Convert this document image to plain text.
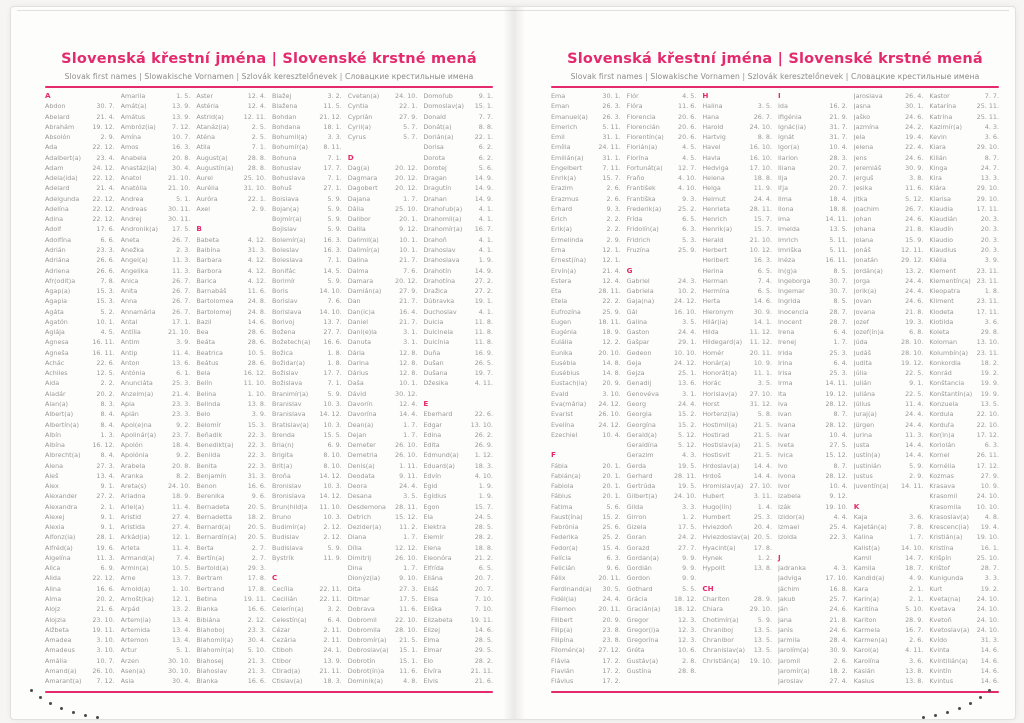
Slovenská křestní jména | Slovenské krstné mená
Slovak first names | Slowakische Vornamen | Szlovák keresztelőnevek | Словацкие крестильные имена
A
Abdon	30. 7.
Abelard	21. 4.
Abrahám	19. 12.
Absolón	2. 9.
Ada	22. 12.
Adalbert(a) 23. 4.
Adam	24. 12.
Adela(ida) 22. 12.
Adelard	21. 4.
Adelgunda 22. 12.
Adelína	22. 12.
Adina	22. 12.
Adolf	17. 6.
Adolfína	6. 6.
Adrián	23. 3.
Adriána	26. 6.
Adriena	26. 6.
Afr(odit)a	7. 8.
Agap(a)	15. 3.
Agapia	15. 3.
Agáta	5. 2.
Agatón	10. 1.
Aglája	4. 5.
Agnesa	16. 11.
Agneša	16. 11.
Achác	22. 6.
Achiles	12. 5.
Aida	2. 2.
Aladár	20. 2.
Alan(a)	8. 3.
Albert(a)	8. 4.
Albertín(a)	8. 4.
Albín	1. 3.
Albína	16. 12.
Albrecht(a)	8. 4.
Alena	27. 3.
Aleš	13. 4.
Alex	9. 1.
Alexander	27. 2.
Alexandra	2. 1.
Alexej	9. 1.
Alexia	9. 1.
Alfonz(ia)	28. 1.
Alfréd(a)	19. 6.
Algelína	11. 3.
Alica	6. 9.
Alida	22. 12.
Alina	16. 6.
Alma	20. 2.
Alojz	21. 6.
Alojzia	23. 10.
Alžbeta	19. 11.
Amadea	3. 10.
Amadeus	3. 10.
Amália	10. 7.
Amand(a) 26. 10.
Amarant(a) 7. 12.
Amarila	1. 5.
Amát(a)	13. 9.
Amátus	13. 9.
Ambróz(ia)	7. 12.
Amína	10. 7.
Amos	16. 3.
Anabela	20. 8.
Anastáz(ia) 30. 4.
Anatol	21. 10.
Anatólia	21. 10.
Andrea	5. 1.
Andreas	30. 11.
Andrej	30. 11.
Andronik(a) 17. 5.
Aneta	26. 7.
Anežka	2. 3.
Angel(a)	11. 3.
Angelika	11. 3.
Anica	26. 7.
Anita	26. 7.
Anna	26. 7.
Annamária	26. 7.
Antal	17. 1.
Antília	21. 10.
Antim	3. 9.
Antip	11. 4.
Anton	13. 6.
Antónia	6. 1.
Anunciáta	25. 3.
Anzelm(a)	21. 4.
Apia	23. 3.
Apián	23. 3.
Apol(e)na	9. 2.
Apolinár(a) 23. 7.
Apolón	18. 4.
Apolónia	9. 2.
Arabela	20. 8.
Aranka	8. 2.
Areta(s)	24. 10.
Ariadna	18. 9.
Ariel(a)	11. 4.
Aristid	27. 4.
Aristida	27. 4.
Arkád(ia)	12. 1.
Arleta	11. 4.
Armand(a)	7. 4.
Armin(a)	10. 5.
Arne	13. 7.
Arnold(a)	1. 10.
Arnošt(ka)	12. 1.
Arpád	13. 2.
Artem(ia)	13. 4.
Artemida	13. 4.
Artemon	13. 4.
Artur	5. 1.
Arzen	30. 10.
Asen(a)	30. 10.
Asia	30. 4.
Aster	12. 4.
Astéria	12. 4.
Astrid(a)	12. 11.
Atanáz(ia)	2. 5.
Aténa	2. 5.
Atila	7. 1.
August(a)	28. 8.
Augustín(a) 28. 8.
Aurel	25. 10.
Aurélia	31. 10.
Auróra	22. 1.
Axel	2. 9.
B
Babeta	4. 12.
Balbína	31. 3.
Barbara	4. 12.
Barbora	4. 12.
Barica	4. 12.
Barnabáš	11. 6.
Bartolomea 24. 8.
Bartolomej	24. 8.
Bazil	14. 6.
Bea	28. 6.
Beáta	28. 6.
Beatrica	10. 5.
Beátus	28. 6.
Bela	16. 12.
Belín	11. 10.
Belina	1. 10.
Belinda	13. 8.
Belo	3. 9.
Belomír	15. 3.
Beňadik	22. 3.
Benedikt(a) 22. 3.
Benilda	22. 3.
Benita	22. 3.
Benjamín	31. 3.
Benon	16. 6.
Berenika	9. 6.
Bernadeta	20. 5.
Bernadetta 18. 2.
Bernard(a)	20. 5.
Bernardín(a) 20. 5.
Berta	2. 7.
Bertín(a)	2. 7.
Bertold(a)	29. 3.
Bertram	17. 8.
Bertrand	17. 8.
Betina	19. 11.
Bianka	16. 6.
Bibiána	2. 12.
Blahoboj	23. 3.
Blahomil(a) 30. 4.
Blahomír(a) 5. 10.
Blahosej	21. 3.
Blahoslav	21. 3.
Blanka	16. 6.
Blažej	3. 2.
Blažena	11. 5.
Bohdan	21. 12.
Bohdana	18. 1.
Bohumil(a)	3. 3.
Bohumír(a) 8. 11.
Bohuna	7. 1.
Bohuslav	17. 7.
Bohuslava	7. 1.
Bohuš	27. 1.
Boislava	5. 9.
Bojan(a)	5. 9.
Bojmír(a)	5. 9.
Bojislav	5. 9.
Bolemír(a)	16. 3.
Boleslav	16. 3.
Boleslava	7. 1.
Bonifác	14. 5.
Borimír	5. 9.
Boris	14. 10.
Borislav	7. 6.
Borislava	14. 10.
Borivoj	13. 7.
Božena	27. 7.
Božetech(a) 16. 6.
Božica	1. 8.
Božidar(a)	1. 8.
Božislav	17. 7.
Božislava	7. 1.
Branimír(a)	5. 9.
Branislav	10. 3.
Branislava 14. 12.
Bratislav(a) 10. 3.
Brenda	15. 5.
Bria(n)	6. 9.
Brigita	8. 10.
Brit(a)	8. 10.
Broňa	14. 12.
Bronislav	10. 3.
Bronislava 14. 12.
Brun(hild)a 11. 10.
Bruno	10. 3.
Budimír(a)	2. 12.
Budislav	2. 12.
Budislava	5. 9.
Bystrík	11. 9.
C
Cecília	22. 11.
Cecilián	22. 11.
Celerín(a)	3. 2.
Celestín(a)	6. 4.
Cézar	2. 11.
Cezária	2. 11.
Ctiboh	24. 1.
Ctibor	13. 9.
Ctirad(a)	21. 11.
Ctislav(a)	18. 3.
Cvetan(a) 24. 10.
Cyntia	22. 1.
Cyprián	27. 9.
Cyril(a)	5. 7.
Cyrus	5. 7.
D
Dag(a)	20. 12.
Dagmara	20. 12.
Dagobert	20. 12.
Dajana	1. 7.
Dália	25. 10.
Dalibor	20. 1.
Dalila	9. 12.
Dalimil(a)	10. 1.
Dalimír(a)	10. 1.
Dalina	21. 7.
Dalma	7. 6.
Damara	20. 12.
Damián(a)	27. 9.
Dan	21. 7.
Dan(ic)a	16. 4.
Daniel	21. 7.
Dani(e)la	3. 1.
Danuta	3. 1.
Dária	12. 8.
Darina	12. 8.
Dárius	12. 8.
Daša	10. 1.
Dávid	30. 12.
Davorín	12. 4.
Davorína	14. 4.
Dean(a)	1. 7.
Dejan	1. 7.
Demeter	26. 10.
Demetria	26. 10.
Denis(a)	1. 11.
Deodata	9. 11.
Deora	24. 4.
Desana	3. 5.
Desdemona 28. 11.
Detrich	15. 12.
Dezider(a)	11. 2.
Diana	1. 7.
Dília	12. 12.
Dimitrij	26. 10.
Dina	1. 7.
Dionýz(ia)	9. 10.
Dita	27. 3.
Ditmar	17. 5.
Dobrava	11. 6.
Dobromil	22. 10.
Dobromila 28. 10.
Dobromír(a) 21. 5.
Dobroslav(a) 15. 1.
Dobrotín	15. 1.
Dobrot(ín)a 11. 6.
Dominik(a)	4. 8.
Domoľub	9. 1.
Domoslav(a) 15. 1.
Donald	7. 7.
Donát(a)	8. 8.
Dorián(a)	22. 1.
Dorisa	6. 2.
Dorota	6. 2.
Dorotej	5. 6.
Dragan	14. 9.
Dragutín	14. 9.
Drahan	14. 9.
Drahoľub(a)	4. 1.
Drahomil(a)	4. 1.
Drahomír(a) 16. 7.
Drahoň	4. 1.
Drahoslav	4. 1.
Drahoslava	1. 9.
Drahotín	14. 9.
Drahotína	27. 2.
Dražica	27. 2.
Dúbravka	19. 1.
Duchoslav	4. 1.
Dulcia	11. 8.
Dulcinela	11. 8.
Dulcínia	11. 8.
Duňa	16. 9.
Dušan	26. 5.
Dušana	19. 7.
Džesika	4. 11.
E
Eberhard	22. 6.
Edgar	13. 10.
Edina	26. 2.
Edita	26. 9.
Edmund(a) 1. 12.
Eduard(a)	18. 3.
Edvín	4. 10.
Egid	1. 9.
Egídius	1. 9.
Egon	15. 7.
Ela	24. 5.
Elektra	28. 5.
Elemír	28. 2.
Elena	18. 8.
Eleonóra	21. 2.
Elfrída	6. 5.
Eliána	20. 7.
Eliáš	20. 7.
Elisa	7. 10.
Eliška	7. 10.
Elizabeta	19. 11.
Elizej	14. 6.
Elma	28. 5.
Elmar	29. 5.
Elo	28. 2.
Elvíra	21. 11.
Elvis	21. 6.
Slovenská křestní jména | Slovenské krstné mená
Slovak first names | Slowakische Vornamen | Szlovák keresztelőnevek | Словацкие крестильные имена
Ema	30. 1.
Eman	26. 3.
Emanuel(a) 26. 3.
Emerich	5. 11.
Emil	31. 1.
Emília	24. 11.
Emilián(a)	31. 1.
Engelbert	7. 11.
Enrik(a)	15. 7.
Erazim	2. 6.
Erazmus	2. 6.
Erhard	9. 3.
Erich	2. 2.
Erik(a)	2. 2.
Ermelinda	2. 9.
Erna	12. 1.
Ernest(ína)	12. 1.
Ervín(a)	21. 4.
Estera	12. 4.
Eta	28. 11.
Etela	22. 2.
Eufrozína	25. 9.
Eugen	18. 11.
Eugénia	18. 9.
Eulália	12. 2.
Eunika	20. 10.
Eusébia	14. 8.
Eusébius	14. 8.
Eustach(ia) 20. 9.
Evald	3. 10.
Eva(mária) 24. 12.
Evarist	26. 10.
Evelína	24. 12.
Ezechiel	10. 4.
F
Fábia	20. 1.
Fabián(a)	20. 1.
Fabiola	20. 1.
Fábius	20. 1.
Fatima	5. 6.
Faust(ína)	15. 2.
Febrónia	25. 6.
Federika	25. 2.
Fedor(a)	15. 4.
Felícia	6. 3.
Felicián	9. 6.
Félix	20. 11.
Ferdinand(a) 30. 5.
Fidél(ia)	24. 4.
Filemon	20. 11.
Filibert	20. 9.
Filip(a)	23. 8.
Filipína	23. 8.
Filomén(a) 27. 12.
Flávia	17. 2.
Flavián	17. 2.
Flávius	17. 2.
Flór	4. 5.
Flóra	11. 6.
Florencia	20. 6.
Florencián	20. 6.
Florentín(a) 20. 6.
Florián(a)	4. 5.
Florína	4. 5.
Fortunát(a) 12. 7.
Fraňo	4. 10.
František	4. 10.
Františka	9. 3.
Frederik(a)	25. 2.
Frída	6. 5.
Fridolín(a)	6. 3.
Fridrich	5. 3.
Fruzína	25. 9.
G
Gabriel	24. 3.
Gabriela	10. 2.
Gaja(na)	24. 12.
Gál	16. 10.
Galina	3. 5.
Gaston	24. 4.
Gašpar	29. 1.
Gedeon	10. 10.
Geja	24. 12.
Gejza	25. 1.
Genadij	13. 6.
Genovéva	3. 1.
Georg	24. 4.
Georgia	15. 2.
Georgína	15. 2.
Gerald(a)	5. 12.
Geraldína	5. 12.
Gerazim	4. 3.
Gerda	19. 5.
Gerhard	28. 11.
Gertrúda	19. 5.
Gilbert(a)	24. 10.
Gilda	3. 3.
Girron	1. 2.
Gizela	17. 5.
Goran	24. 2.
Gorazd	27. 7.
Gordan(a)	9. 9.
Gordián	9. 9.
Gordon	9. 9.
Gothard	5. 5.
Grácia	18. 12.
Gracián(a) 18. 12.
Gregor	12. 3.
Gregor(i)a	12. 3.
Gregorína	12. 3.
Gréta	10. 6.
Gustáv(a)	2. 8.
Gustína	28. 8.
H
Halina	3. 5.
Hana	26. 7.
Harold	24. 10.
Hartvig	8. 8.
Havel	16. 10.
Havla	16. 10.
Hedviga	17. 10.
Helena	18. 8.
Helga	11. 9.
Helmut	24. 4.
Henrieta	28. 11.
Henrich	15. 7.
Henrik(a)	15. 7.
Herald	21. 10.
Herbert	10. 12.
Heribert	16. 3.
Herina	6. 5.
Herman	7. 4.
Hermína	6. 5.
Herta	14. 6.
Hieronym	30. 9.
Hilár(ia)	14. 1.
Hilda	11. 12.
Hildegard(a) 11. 12.
Homér	20. 11.
Honár(a)	10. 9.
Honorát(a)	11. 1.
Horác	3. 5.
Horislav(a) 27. 10.
Horst	31. 12.
Hortenz(ia)	5. 8.
Hostimil(a)	21. 5.
Hostirad	21. 5.
Hostislav(a) 21. 5.
Hostisvit	21. 5.
Hrdoslav(a) 14. 4.
Hrdoš	14. 4.
Hromislav(a) 27. 10.
Hubert	3. 11.
Hugo(lín)	1. 4.
Humbert	25. 3.
Hviezdoň	20. 4.
Hviezdoslav(a) 20. 5.
Hyacint(a)	17. 8.
Hynek	1. 2.
Hypolit	13. 8.
CH
Chariton	28. 9.
Chiara	29. 10.
Chotimír(a)	5. 9.
Chraniboj	13. 5.
Chranibor	13. 5.
Chranislav(a) 13. 5.
Christián(a) 19. 10.
I
Ida	16. 2.
Ifigénia	21. 9.
Ignác(ia)	31. 7.
Ignát	31. 7.
Igor(a)	10. 4.
Ilarion	28. 3.
Iliana	20. 7.
Ilja	20. 7.
Iľja	20. 7.
Ilma	18. 4.
Ilona	18. 8.
Ima	14. 11.
Imelda	13. 5.
Imrich	5. 11.
Imriška	5. 11.
Inéza	16. 11.
In(g)a	8. 5.
Ingeborga	30. 7.
Ingemar	30. 7.
Ingrida	8. 5.
Inocencia	28. 7.
Inocent	28. 7.
Irena	6. 4.
Irenej	1. 7.
Irida	25. 3.
Irina	6. 4.
Irisa	25. 3.
Irma	14. 11.
Ita	19. 12.
Iva	28. 12.
Ivan	8. 7.
Ivana	28. 12.
Ivar	10. 4.
Iveta	27. 5.
Ivica	15. 12.
Ivo	8. 7.
Ivona	28. 12.
Ivor	10. 4.
Izabela	9. 12.
Izák	19. 10.
Izidor(a)	4. 4.
Izmael	25. 4.
Izolda	22. 3.
J
Jadranka	4. 3.
Jadviga	17. 10.
Jáchim	16. 8.
Jakub	25. 7.
Ján	24. 6.
Jana	21. 8.
Janis	24. 6.
Jarmila	28. 4.
Jarolím(a)	30. 9.
Jaromil	2. 6.
Jaromír(a)	18. 2.
Jaroslav	27. 4.
Jaroslava	26. 4.
Jasna	30. 1.
Jaško	24. 6.
Jazmína	24. 2.
Jela	19. 4.
Jelena	22. 4.
Jens	24. 6.
Jeremiáš	30. 9.
Jerguš	3. 8.
Jesika	11. 6.
Jitka	5. 12.
Joachim	26. 7.
Johan	24. 6.
Johana	21. 8.
Jolana	15. 9.
Jonáš	12. 11.
Jonatán	29. 12.
Jordán(a)	13. 2.
Jorga	24. 4.
Jorik(a)	24. 4.
Jovan	24. 6.
Jovana	21. 8.
Jozef	19. 3.
Jozef(ín)a	6. 8.
Júda	28. 10.
Judáš	28. 10.
Judita	19. 12.
Júlia	22. 5.
Julián	9. 1.
Juliána	22. 5.
Július	11. 4.
Juraj(a)	24. 4.
Jürgen	24. 4.
Jurina	11. 3.
Justa	14. 4.
Justín(a)	14. 4.
Justinián	5. 9.
Justus	2. 9.
Juventín(a) 14. 11.
K
Kaja	3. 6.
Kajetán(a)	7. 8.
Kalina	1. 7.
Kalist(a)	14. 10.
Kamil	14. 7.
Kamila	18. 7.
Kandid(a)	4. 9.
Kara	2. 1.
Karin(a)	2. 1.
Karitína	5. 10.
Kariton	28. 9.
Karmela	16. 7.
Karmen(a)	2. 6.
Karol(a)	4. 11.
Karolína	3. 6.
Kasián	13. 8.
Kasius	13. 8.
Kastor	7. 7.
Katarína	25. 11.
Katrína	25. 11.
Kazimír(a)	4. 3.
Kevin	3. 6.
Kiara	29. 10.
Kilián	8. 7.
Kinga	24. 7.
Kira	13. 3.
Klára	29. 10.
Klarisa	29. 10.
Klaudia	17. 11.
Klaudián	20. 3.
Klaudín	20. 3.
Klaudio	20. 3.
Klaudius	20. 3.
Klélia	3. 9.
Klement	23. 11.
Klementín(a) 23. 11.
Kleopatra	1. 8.
Kliment	23. 11.
Klodeta	17. 11.
Klotilda	3. 6.
Koleta	29. 8.
Koloman	13. 10.
Kolumbín(a) 23. 11.
Konkordia	18. 2.
Konrád	19. 2.
Konštancia	19. 9.
Konštantín(a) 19. 9.
Konzuela	13. 5.
Kordula	22. 10.
Korduľa	22. 10.
Kor(in)a	17. 12.
Koriolán	6. 3.
Kornel	26. 11.
Kornélia	17. 12.
Kozmas	27. 9.
Krasava	10. 9.
Krasomil	24. 10.
Krasomila 10. 10.
Krasoslav(a) 4. 8.
Krescenc(ia) 19. 4.
Kristián(a) 19. 10.
Kristína	16. 1.
Krišpín	25. 10.
Krištof	28. 7.
Kunigunda	3. 3.
Kurt	19. 2.
Kveta(na)	24. 10.
Kvetava	24. 10.
Kvetoň	24. 10.
Kvetoslav(a) 24. 10.
Kvído	31. 3.
Kvinta	14. 6.
Kvintilián(a) 14. 6.
Kvintín	14. 6.
Kvintus	14. 6.
